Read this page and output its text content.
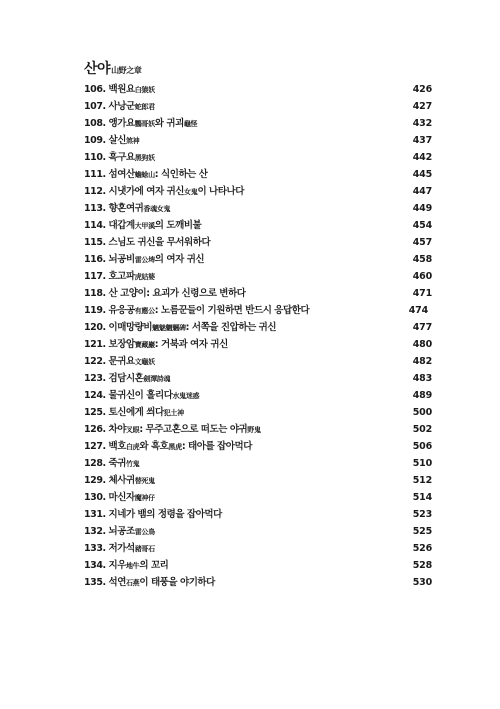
산야 山野之章
106. 백원요白猿妖	426
107. 사낭군蛇郎君	427
108. 앵가요鸚哥妖와 귀괴龜怪	432
109. 살신煞神	437
110. 흑구요黑狗妖	442
111. 섬여산蟾蜍山: 식인하는 산	445
112. 시냇가에 여자 귀신女鬼이 나타나다	447
113. 향혼여귀香魂女鬼	449
114. 대갑계大甲溪의 도깨비불	454
115. 스님도 귀신을 무서워하다	457
116. 뇌공비雷公埤의 여자 귀신	458
117. 호고파虎姑婆	460
118. 산 고양이: 요괴가 신령으로 변하다	471
119. 유응공有應公: 노름꾼들이 기원하면 반드시 응답한다	474
120. 이매망량비魑魅魍魎碑: 서쪽을 진압하는 귀신	477
121. 보장암寶藏巖: 거북과 여자 귀신	480
122. 문귀요文龜妖	482
123. 검담시혼劍潭詩魂	483
124. 물귀신이 홀리다水鬼迷惑	489
125. 토신에게 씌다犯土神	500
126. 차야叉眼: 무주고혼으로 떠도는 야귀野鬼	502
127. 백호白虎와 흑호黑虎: 태아를 잡아먹다	506
128. 죽귀竹鬼	510
129. 체사귀替死鬼	512
130. 마신자魔神仔	514
131. 지네가 뱀의 정령을 잡아먹다	523
132. 뇌공조雷公鳥	525
133. 저가석豬哥石	526
134. 지우地牛의 꼬리	528
135. 석연石燕이 태풍을 야기하다	530
